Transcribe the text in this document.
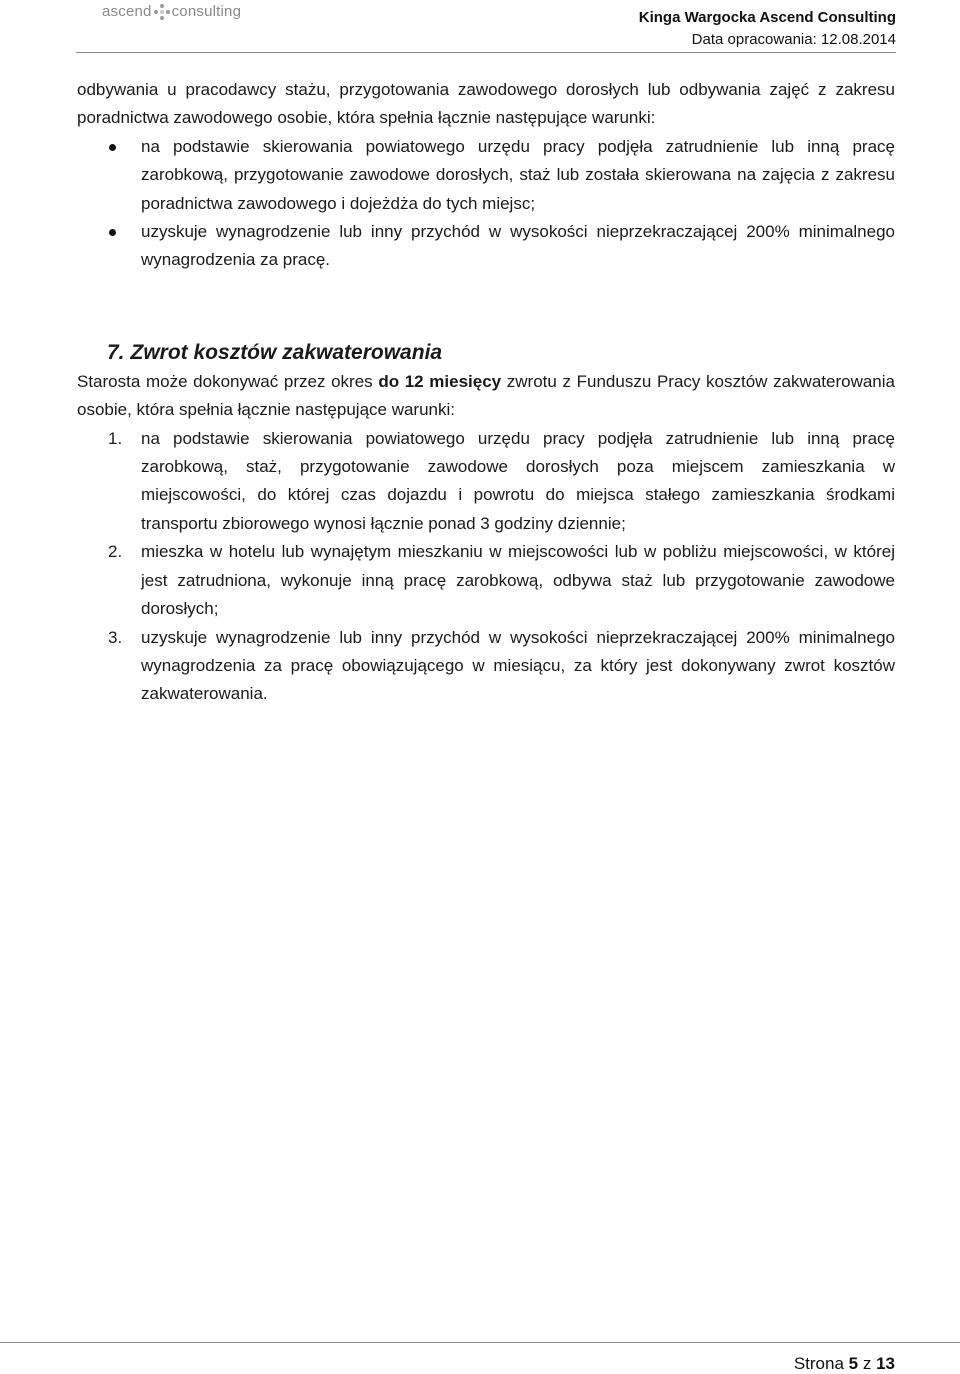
ascend consulting	Kinga Wargocka Ascend Consulting
Data opracowania: 12.08.2014

odbywania u pracodawcy stażu, przygotowania zawodowego dorosłych lub odbywania zajęć z zakresu poradnictwa zawodowego osobie, która spełnia łącznie następujące warunki:

na podstawie skierowania powiatowego urzędu pracy podjęła zatrudnienie lub inną pracę zarobkową, przygotowanie zawodowe dorosłych, staż lub została skierowana na zajęcia z zakresu poradnictwa zawodowego i dojeżdża do tych miejsc;
uzyskuje wynagrodzenie lub inny przychód w wysokości nieprzekraczającej 200% minimalnego wynagrodzenia za pracę.
7. Zwrot kosztów zakwaterowania

Starosta może dokonywać przez okres do 12 miesięcy zwrotu z Funduszu Pracy kosztów zakwaterowania osobie, która spełnia łącznie następujące warunki:

1. na podstawie skierowania powiatowego urzędu pracy podjęła zatrudnienie lub inną pracę zarobkową, staż, przygotowanie zawodowe dorosłych poza miejscem zamieszkania w miejscowości, do której czas dojazdu i powrotu do miejsca stałego zamieszkania środkami transportu zbiorowego wynosi łącznie ponad 3 godziny dziennie;
2. mieszka w hotelu lub wynajętym mieszkaniu w miejscowości lub w pobliżu miejscowości, w której jest zatrudniona, wykonuje inną pracę zarobkową, odbywa staż lub przygotowanie zawodowe dorosłych;
3. uzyskuje wynagrodzenie lub inny przychód w wysokości nieprzekraczającej 200% minimalnego wynagrodzenia za pracę obowiązującego w miesiącu, za który jest dokonywany zwrot kosztów zakwaterowania.
Strona 5 z 13
